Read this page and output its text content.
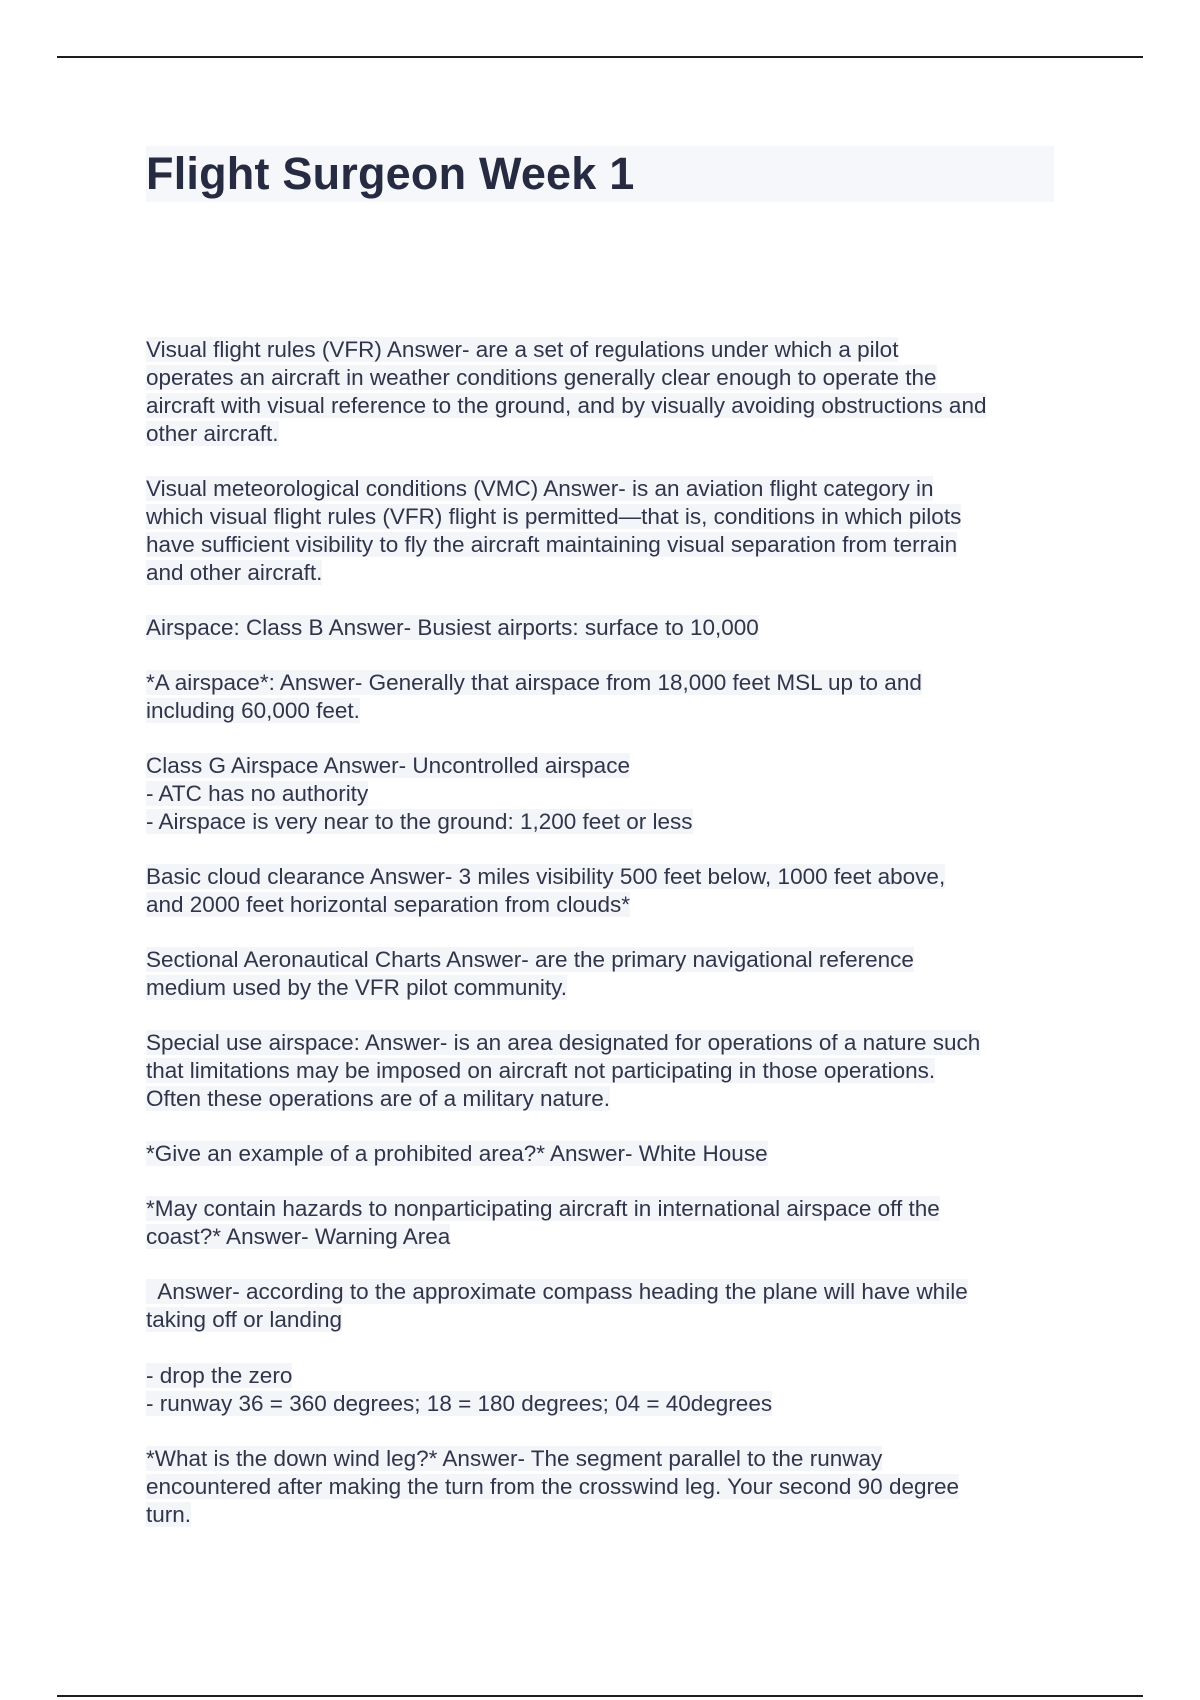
Flight Surgeon Week 1

Visual flight rules (VFR) Answer- are a set of regulations under which a pilot
operates an aircraft in weather conditions generally clear enough to operate the
aircraft with visual reference to the ground, and by visually avoiding obstructions and
other aircraft.

Visual meteorological conditions (VMC) Answer- is an aviation flight category in
which visual flight rules (VFR) flight is permitted—that is, conditions in which pilots
have sufficient visibility to fly the aircraft maintaining visual separation from terrain
and other aircraft.

Airspace: Class B Answer- Busiest airports: surface to 10,000

*A airspace*: Answer- Generally that airspace from 18,000 feet MSL up to and
including 60,000 feet.

Class G Airspace Answer- Uncontrolled airspace
- ATC has no authority
- Airspace is very near to the ground: 1,200 feet or less

Basic cloud clearance Answer- 3 miles visibility 500 feet below, 1000 feet above,
and 2000 feet horizontal separation from clouds*

Sectional Aeronautical Charts Answer- are the primary navigational reference
medium used by the VFR pilot community.

Special use airspace: Answer- is an area designated for operations of a nature such
that limitations may be imposed on aircraft not participating in those operations.
Often these operations are of a military nature.

*Give an example of a prohibited area?* Answer- White House

*May contain hazards to nonparticipating aircraft in international airspace off the
coast?* Answer- Warning Area

Answer- according to the approximate compass heading the plane will have while
taking off or landing

- drop the zero
- runway 36 = 360 degrees; 18 = 180 degrees; 04 = 40degrees

*What is the down wind leg?* Answer- The segment parallel to the runway
encountered after making the turn from the crosswind leg. Your second 90 degree
turn.
